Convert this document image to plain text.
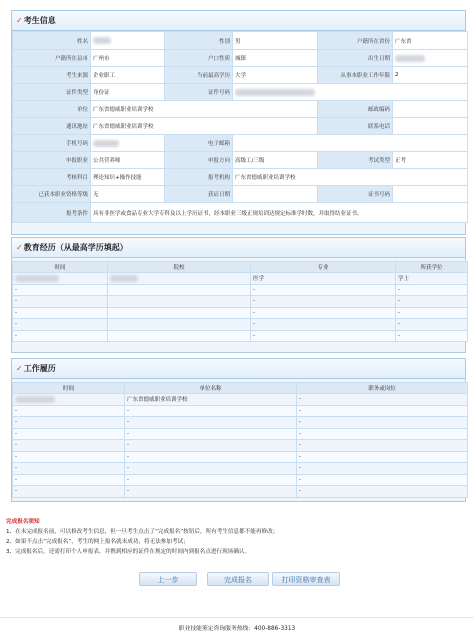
✓考生信息
姓名		性别	男	户籍所在省份	广东省
户籍所在县市	广州市	户口性质	城镇	出生日期	
考生来源	企业职工	当前最高学历	大学	从事本职业工作年限	2
证件类型	身份证	证件号码			
单位	广东省德威职业培训学校			邮政编码	
通讯地址	广东省德威职业培训学校			联系电话	
手机号码		电子邮箱			
申报职业	公共营养师	申报方向	高级工/三级	考试类型	正考
考核科目	理论知识+操作技能	报考机构	广东省德威职业培训学校		
已获本职业资格等级	无	获证日期		证书号码	
报考条件	具有非医学或食品专业大学专科及以上学历证书，经本职业三级正规培训达规定标准学时数，并取得结业证书。				
✓教育经历（从最高学历填起）
时间	院校	专业	所获学位
		医学	学士
-		-	-
-		-	-
-		-	-
-		-	-
-		-	-
✓工作履历
时间	单位名称	职务或岗位
	广东省德威职业培训学校	-
-	-	-
-	-	-
-	-	-
-	-	-
-	-	-
-	-	-
-	-	-
-	-	-
完成报名须知
1、在未完成报名前，可以修改考生信息，但一旦考生点击了“完成报名”按钮后，所有考生信息都不能再修改；
2、如果不点击“完成报名”，考生的网上报名就未成功，将无法参加考试；
3、完成报名后，还需打印个人申报表，并携到相应的证件在规定的时间内到报名点进行现场确认。
上一步	完成报名	打印资格审查表
职业技能鉴定咨询服务热线：400-886-3313
